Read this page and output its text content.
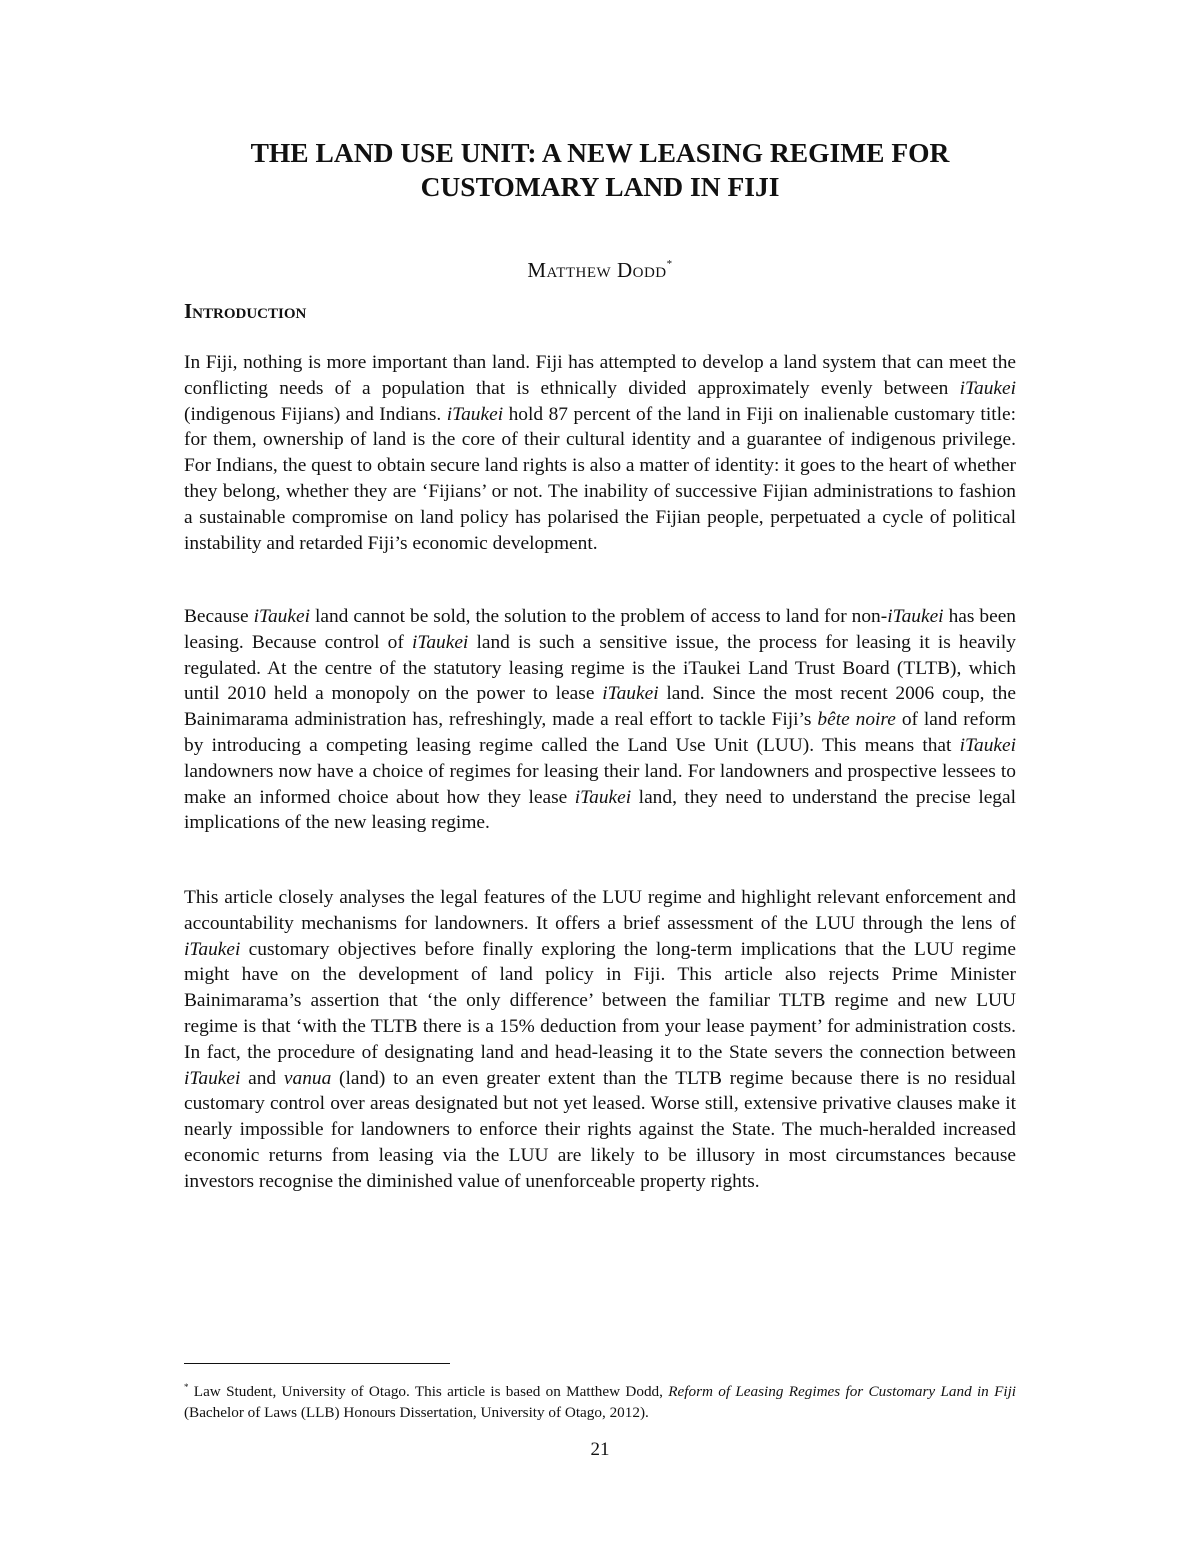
THE LAND USE UNIT: A NEW LEASING REGIME FOR
CUSTOMARY LAND IN FIJI
Matthew Dodd*
Introduction

In Fiji, nothing is more important than land. Fiji has attempted to develop a land system that can meet the conflicting needs of a population that is ethnically divided approximately evenly between iTaukei (indigenous Fijians) and Indians. iTaukei hold 87 percent of the land in Fiji on inalienable customary title: for them, ownership of land is the core of their cultural identity and a guarantee of indigenous privilege. For Indians, the quest to obtain secure land rights is also a matter of identity: it goes to the heart of whether they belong, whether they are ‘Fijians’ or not. The inability of successive Fijian administrations to fashion a sustainable compromise on land policy has polarised the Fijian people, perpetuated a cycle of political instability and retarded Fiji’s economic development.

Because iTaukei land cannot be sold, the solution to the problem of access to land for non-iTaukei has been leasing. Because control of iTaukei land is such a sensitive issue, the process for leasing it is heavily regulated. At the centre of the statutory leasing regime is the iTaukei Land Trust Board (TLTB), which until 2010 held a monopoly on the power to lease iTaukei land. Since the most recent 2006 coup, the Bainimarama administration has, refreshingly, made a real effort to tackle Fiji’s bête noire of land reform by introducing a competing leasing regime called the Land Use Unit (LUU). This means that iTaukei landowners now have a choice of regimes for leasing their land. For landowners and prospective lessees to make an informed choice about how they lease iTaukei land, they need to understand the precise legal implications of the new leasing regime.

This article closely analyses the legal features of the LUU regime and highlight relevant enforcement and accountability mechanisms for landowners. It offers a brief assessment of the LUU through the lens of iTaukei customary objectives before finally exploring the long-term implications that the LUU regime might have on the development of land policy in Fiji. This article also rejects Prime Minister Bainimarama’s assertion that ‘the only difference’ between the familiar TLTB regime and new LUU regime is that ‘with the TLTB there is a 15% deduction from your lease payment’ for administration costs. In fact, the procedure of designating land and head-leasing it to the State severs the connection between iTaukei and vanua (land) to an even greater extent than the TLTB regime because there is no residual customary control over areas designated but not yet leased. Worse still, extensive privative clauses make it nearly impossible for landowners to enforce their rights against the State. The much-heralded increased economic returns from leasing via the LUU are likely to be illusory in most circumstances because investors recognise the diminished value of unenforceable property rights.

* Law Student, University of Otago. This article is based on Matthew Dodd, Reform of Leasing Regimes for Customary Land in Fiji (Bachelor of Laws (LLB) Honours Dissertation, University of Otago, 2012).

21
